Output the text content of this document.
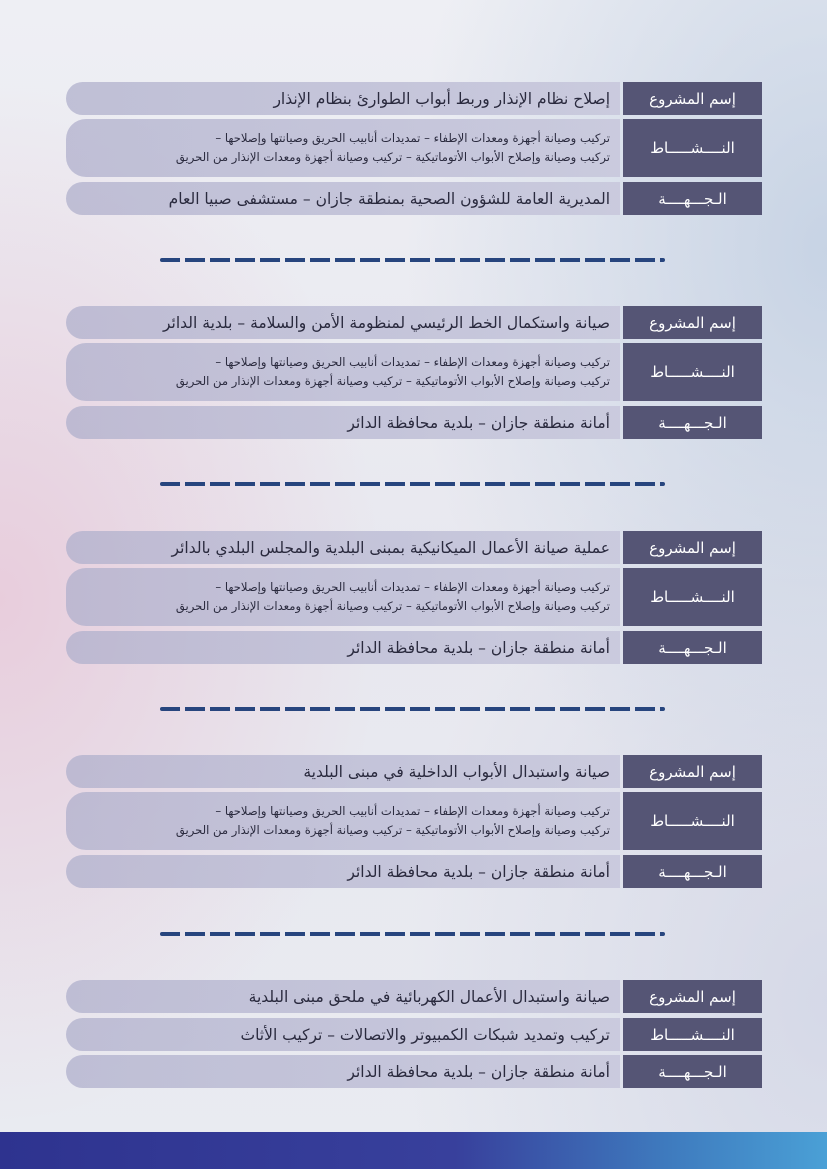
إصلاح نظام الإنذار وربط أبواب الطوارئ بنظام الإنذار	إسم المشروع
تركيب وصيانة أجهزة ومعدات الإطفاء – تمديدات أنابيب الحريق وصيانتها وإصلاحها –
تركيب وصيانة وإصلاح الأبواب الأتوماتيكية – تركيب وصيانة أجهزة ومعدات الإنذار من الحريق	النــــشـــــاط
المديرية العامة للشؤون الصحية بمنطقة جازان – مستشفى صبيا العام	الـجـــهــــة
صيانة واستكمال الخط الرئيسي لمنظومة الأمن والسلامة – بلدية الدائر	إسم المشروع
تركيب وصيانة أجهزة ومعدات الإطفاء – تمديدات أنابيب الحريق وصيانتها وإصلاحها –
تركيب وصيانة وإصلاح الأبواب الأتوماتيكية – تركيب وصيانة أجهزة ومعدات الإنذار من الحريق	النــــشـــــاط
أمانة منطقة جازان – بلدية محافظة الدائر	الـجـــهــــة
عملية صيانة الأعمال الميكانيكية بمبنى البلدية والمجلس البلدي بالدائر	إسم المشروع
تركيب وصيانة أجهزة ومعدات الإطفاء – تمديدات أنابيب الحريق وصيانتها وإصلاحها –
تركيب وصيانة وإصلاح الأبواب الأتوماتيكية – تركيب وصيانة أجهزة ومعدات الإنذار من الحريق	النــــشـــــاط
أمانة منطقة جازان – بلدية محافظة الدائر	الـجـــهــــة
صيانة واستبدال الأبواب الداخلية في مبنى البلدية	إسم المشروع
تركيب وصيانة أجهزة ومعدات الإطفاء – تمديدات أنابيب الحريق وصيانتها وإصلاحها –
تركيب وصيانة وإصلاح الأبواب الأتوماتيكية – تركيب وصيانة أجهزة ومعدات الإنذار من الحريق	النــــشـــــاط
أمانة منطقة جازان – بلدية محافظة الدائر	الـجـــهــــة
صيانة واستبدال الأعمال الكهربائية في ملحق مبنى البلدية	إسم المشروع
تركيب وتمديد شبكات الكمبيوتر والاتصالات – تركيب الأثاث	النــــشـــــاط
أمانة منطقة جازان – بلدية محافظة الدائر	الـجـــهــــة
